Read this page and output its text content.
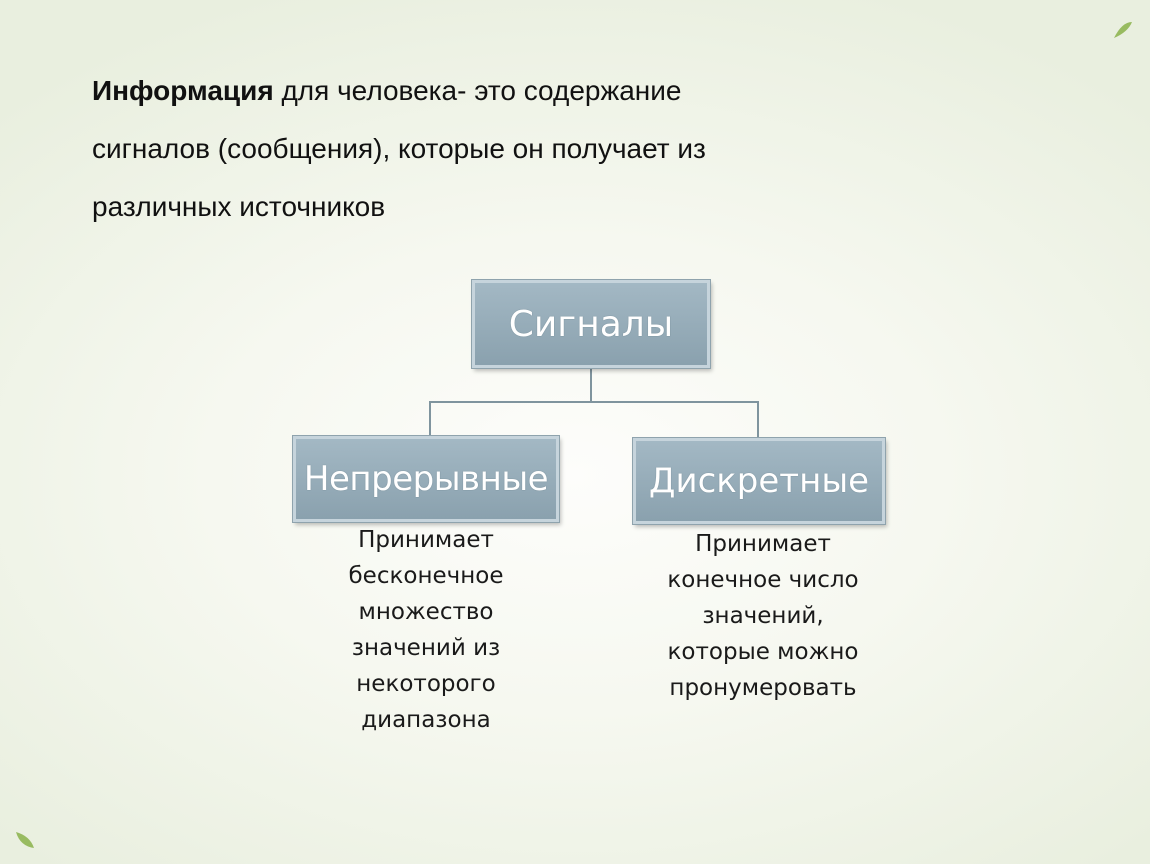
Информация для человека- это содержание
сигналов (сообщения), которые он получает из
различных источников
Сигналы
Непрерывные	Дискретные
Принимает
бесконечное
множество
значений из
некоторого
диапазона
Принимает
конечное число
значений,
которые можно
пронумеровать
